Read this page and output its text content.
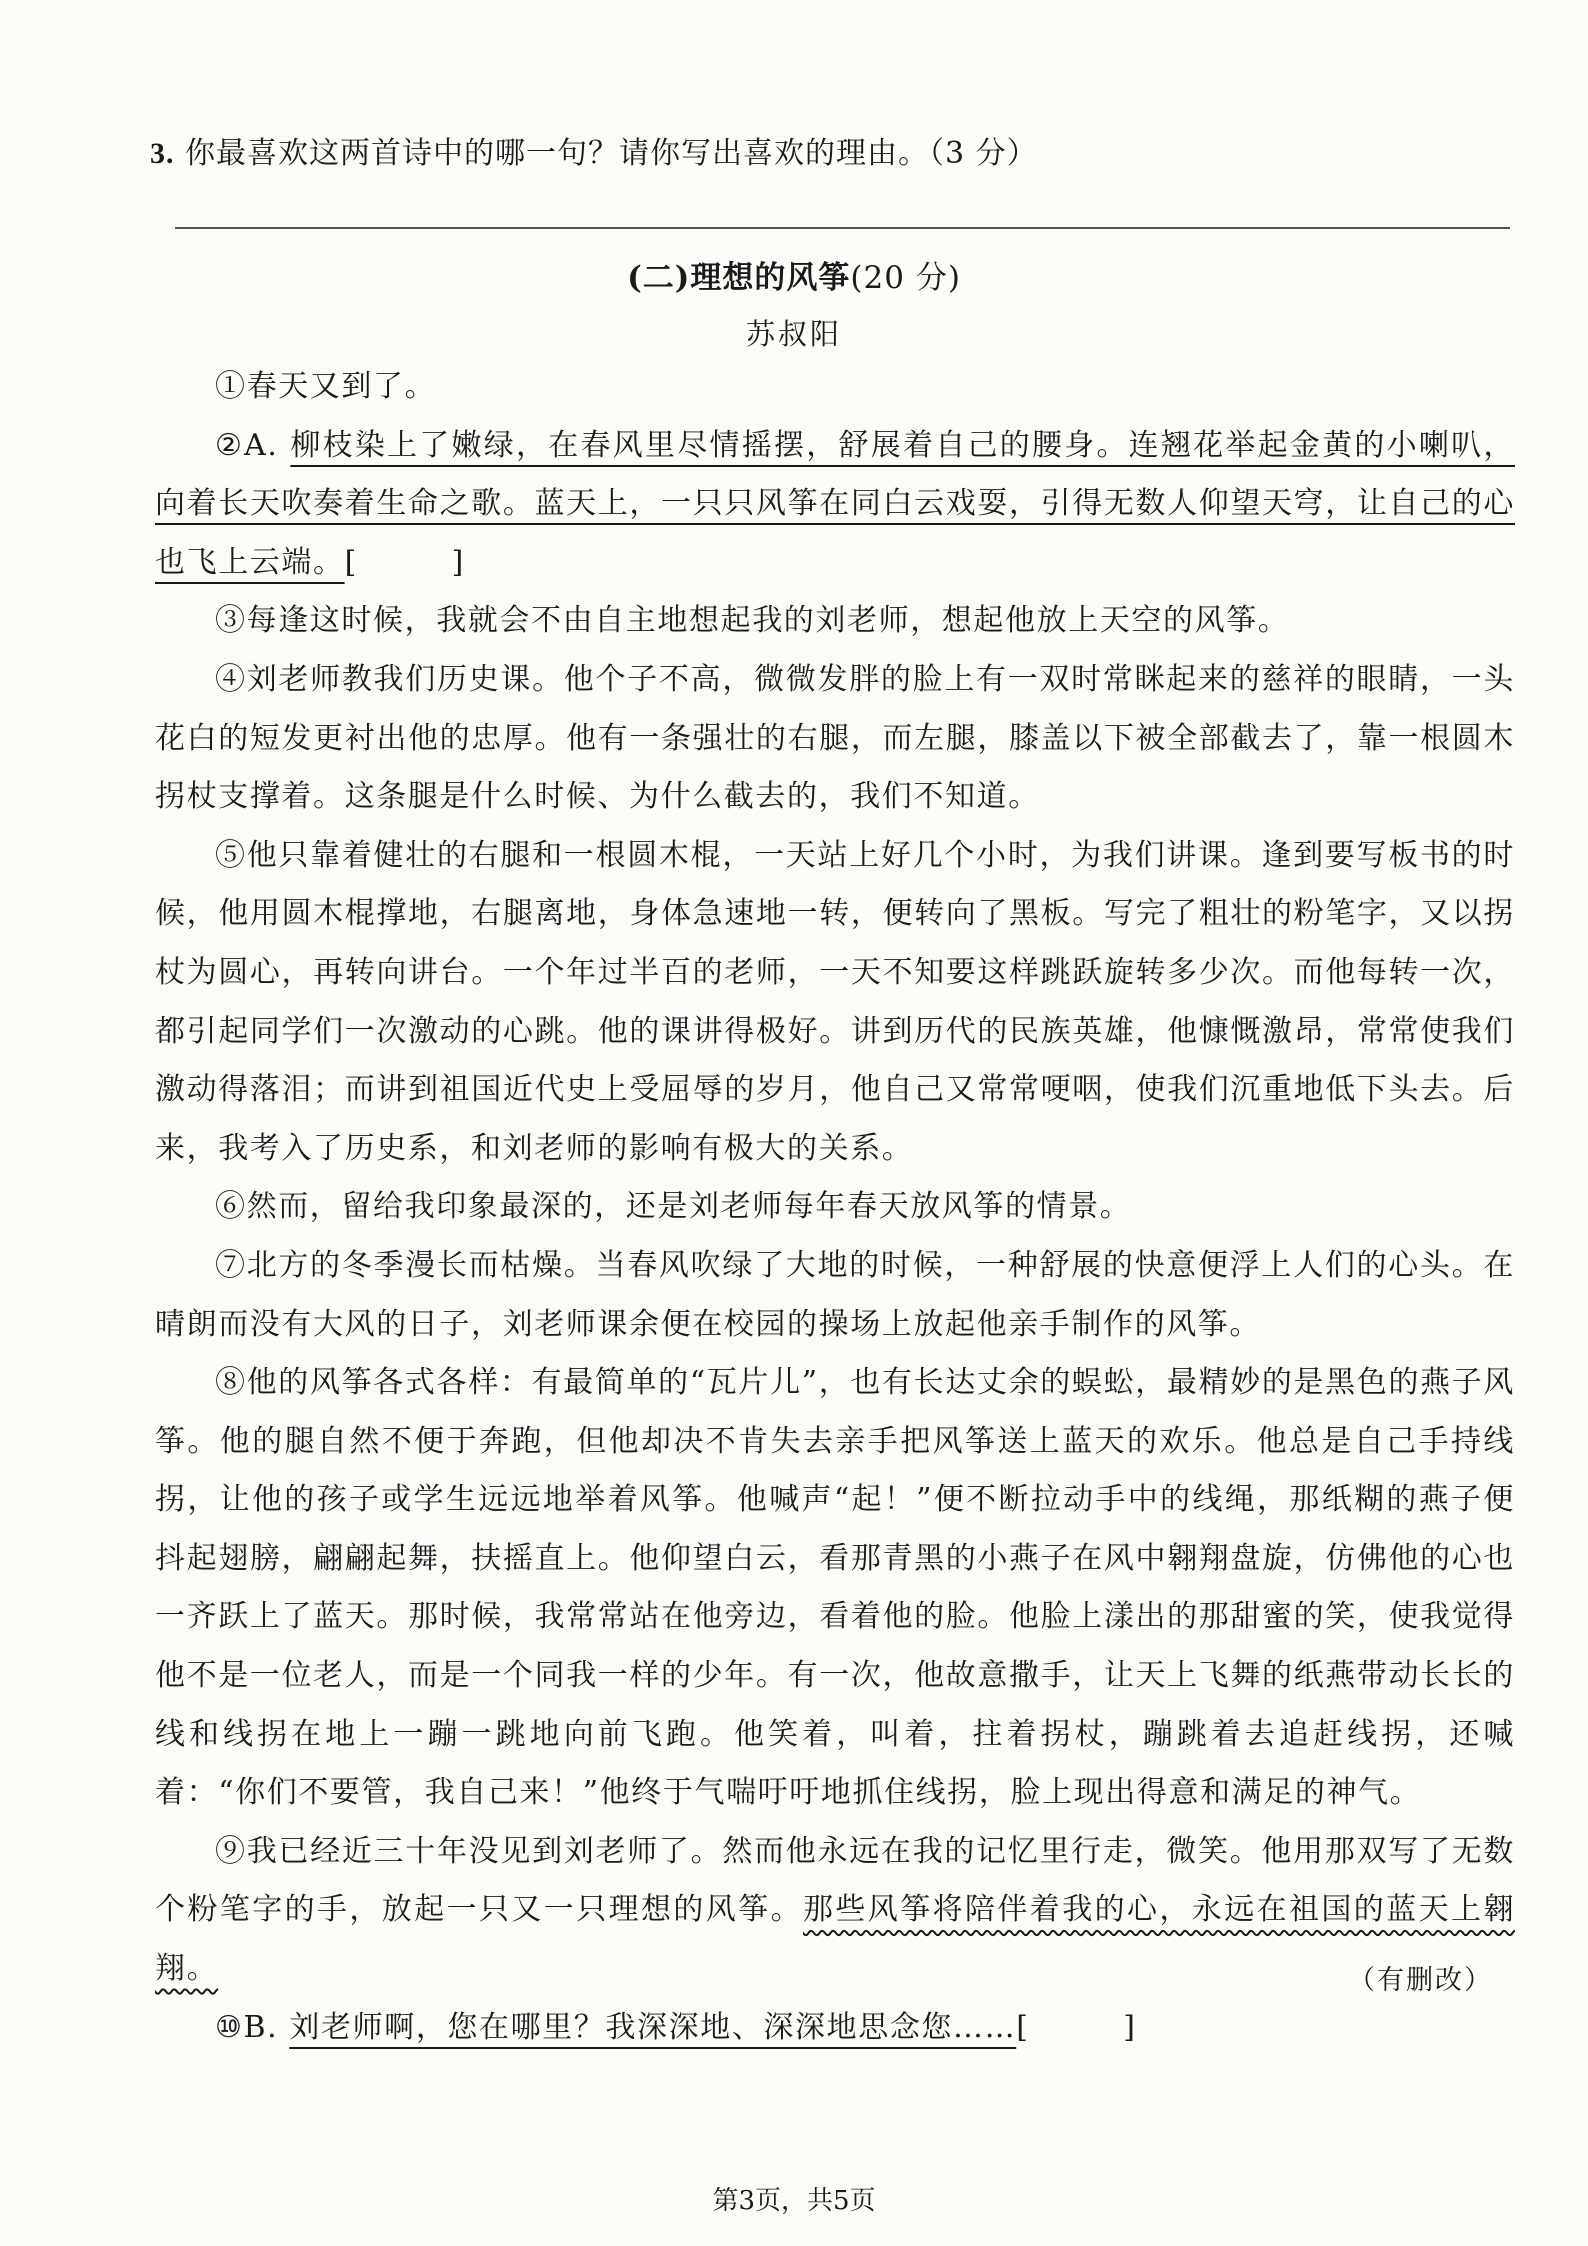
3. 你最喜欢这两首诗中的哪一句？请你写出喜欢的理由。（3 分）
(二)理想的风筝(20 分)
苏叔阳

①春天又到了。

②A. 柳枝染上了嫩绿，在春风里尽情摇摆，舒展着自己的腰身。连翘花举起金黄的小喇叭，向着长天吹奏着生命之歌。蓝天上，一只只风筝在同白云戏耍，引得无数人仰望天穹，让自己的心也飞上云端。[          ]

③每逢这时候，我就会不由自主地想起我的刘老师，想起他放上天空的风筝。

④刘老师教我们历史课。他个子不高，微微发胖的脸上有一双时常眯起来的慈祥的眼睛，一头花白的短发更衬出他的忠厚。他有一条强壮的右腿，而左腿，膝盖以下被全部截去了，靠一根圆木拐杖支撑着。这条腿是什么时候、为什么截去的，我们不知道。

⑤他只靠着健壮的右腿和一根圆木棍，一天站上好几个小时，为我们讲课。逢到要写板书的时候，他用圆木棍撑地，右腿离地，身体急速地一转，便转向了黑板。写完了粗壮的粉笔字，又以拐杖为圆心，再转向讲台。一个年过半百的老师，一天不知要这样跳跃旋转多少次。而他每转一次，都引起同学们一次激动的心跳。他的课讲得极好。讲到历代的民族英雄，他慷慨激昂，常常使我们激动得落泪；而讲到祖国近代史上受屈辱的岁月，他自己又常常哽咽，使我们沉重地低下头去。后来，我考入了历史系，和刘老师的影响有极大的关系。

⑥然而，留给我印象最深的，还是刘老师每年春天放风筝的情景。

⑦北方的冬季漫长而枯燥。当春风吹绿了大地的时候，一种舒展的快意便浮上人们的心头。在晴朗而没有大风的日子，刘老师课余便在校园的操场上放起他亲手制作的风筝。

⑧他的风筝各式各样：有最简单的“瓦片儿”，也有长达丈余的蜈蚣，最精妙的是黑色的燕子风筝。他的腿自然不便于奔跑，但他却决不肯失去亲手把风筝送上蓝天的欢乐。他总是自己手持线拐，让他的孩子或学生远远地举着风筝。他喊声“起！”便不断拉动手中的线绳，那纸糊的燕子便抖起翅膀，翩翩起舞，扶摇直上。他仰望白云，看那青黑的小燕子在风中翱翔盘旋，仿佛他的心也一齐跃上了蓝天。那时候，我常常站在他旁边，看着他的脸。他脸上漾出的那甜蜜的笑，使我觉得他不是一位老人，而是一个同我一样的少年。有一次，他故意撒手，让天上飞舞的纸燕带动长长的线和线拐在地上一蹦一跳地向前飞跑。他笑着，叫着，拄着拐杖，蹦跳着去追赶线拐，还喊着：“你们不要管，我自己来！”他终于气喘吁吁地抓住线拐，脸上现出得意和满足的神气。

⑨我已经近三十年没见到刘老师了。然而他永远在我的记忆里行走，微笑。他用那双写了无数个粉笔字的手，放起一只又一只理想的风筝。那些风筝将陪伴着我的心，永远在祖国的蓝天上翱翔。

⑩B. 刘老师啊，您在哪里？我深深地、深深地思念您……[          ]

（有删改）
第3页，共5页
